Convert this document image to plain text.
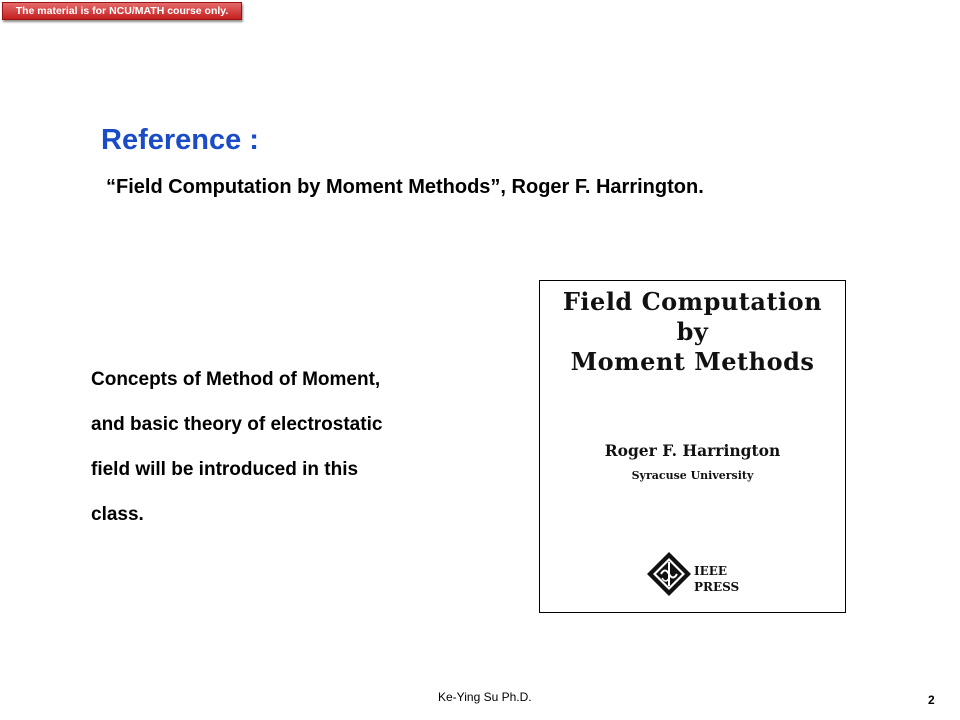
The material is for NCU/MATH course only.
Reference :
“Field Computation by Moment Methods”, Roger F. Harrington.
Concepts of Method of Moment,
and basic theory of electrostatic
field will be introduced in this
class.
Field Computation
by
Moment Methods
Roger F. Harrington
Syracuse University
IEEE
PRESS
Ke-Ying Su Ph.D.	2
